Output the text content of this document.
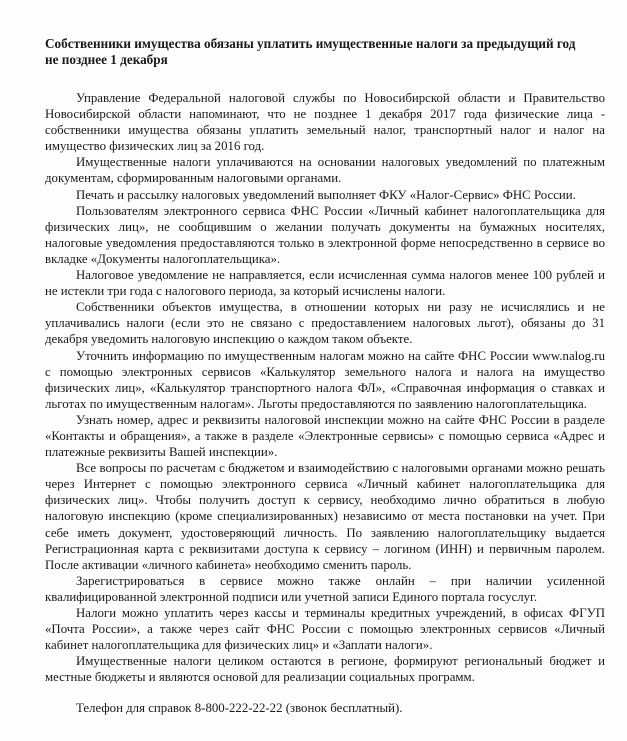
Собственники имущества обязаны уплатить имущественные налоги за предыдущий год не позднее 1 декабря

Управление Федеральной налоговой службы по Новосибирской области и Правительство Новосибирской области напоминают, что не позднее 1 декабря 2017 года физические лица - собственники имущества обязаны уплатить земельный налог, транспортный налог и налог на имущество физических лиц за 2016 год.

Имущественные налоги уплачиваются на основании налоговых уведомлений по платежным документам, сформированным налоговыми органами.

Печать и рассылку налоговых уведомлений выполняет ФКУ «Налог-Сервис» ФНС России.

Пользователям электронного сервиса ФНС России «Личный кабинет налогоплательщика для физических лиц», не сообщившим о желании получать документы на бумажных носителях, налоговые уведомления предоставляются только в электронной форме непосредственно в сервисе во вкладке «Документы налогоплательщика».

Налоговое уведомление не направляется, если исчисленная сумма налогов менее 100 рублей и не истекли три года с налогового периода, за который исчислены налоги.

Собственники объектов имущества, в отношении которых ни разу не исчислялись и не уплачивались налоги (если это не связано с предоставлением налоговых льгот), обязаны до 31 декабря уведомить налоговую инспекцию о каждом таком объекте.

Уточнить информацию по имущественным налогам можно на сайте ФНС России www.nalog.ru с помощью электронных сервисов «Калькулятор земельного налога и налога на имущество физических лиц», «Калькулятор транспортного налога ФЛ», «Справочная информация о ставках и льготах по имущественным налогам». Льготы предоставляются по заявлению налогоплательщика.

Узнать номер, адрес и реквизиты налоговой инспекции можно на сайте ФНС России в разделе «Контакты и обращения», а также в разделе «Электронные сервисы» с помощью сервиса «Адрес и платежные реквизиты Вашей инспекции».

Все вопросы по расчетам с бюджетом и взаимодействию с налоговыми органами можно решать через Интернет с помощью электронного сервиса «Личный кабинет налогоплательщика для физических лиц». Чтобы получить доступ к сервису, необходимо лично обратиться в любую налоговую инспекцию (кроме специализированных) независимо от места постановки на учет. При себе иметь документ, удостоверяющий личность. По заявлению налогоплательщику выдается Регистрационная карта с реквизитами доступа к сервису – логином (ИНН) и первичным паролем. После активации «личного кабинета» необходимо сменить пароль.

Зарегистрироваться в сервисе можно также онлайн – при наличии усиленной квалифицированной электронной подписи или учетной записи Единого портала госуслуг.

Налоги можно уплатить через кассы и терминалы кредитных учреждений, в офисах ФГУП «Почта России», а также через сайт ФНС России с помощью электронных сервисов «Личный кабинет налогоплательщика для физических лиц» и «Заплати налоги».

Имущественные налоги целиком остаются в регионе, формируют региональный бюджет и местные бюджеты и являются основой для реализации социальных программ.

Телефон для справок 8-800-222-22-22 (звонок бесплатный).
